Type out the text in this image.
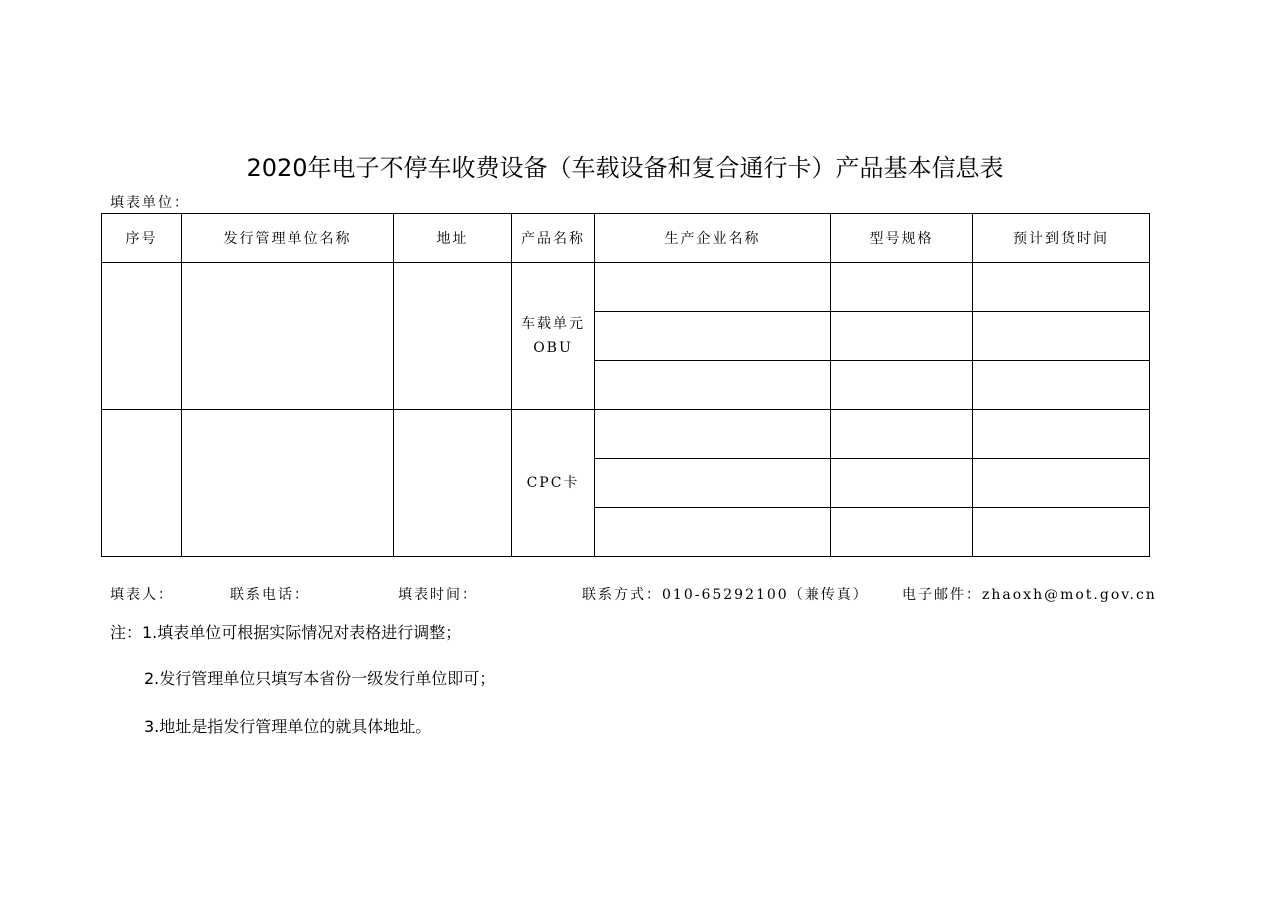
2020年电子不停车收费设备（车载设备和复合通行卡）产品基本信息表
填表单位：
序号	发行管理单位名称	地址	产品名称	生产企业名称	型号规格	预计到货时间

			车载单元
OBU			

			CPC卡			

填表人：	联系电话：	填表时间：	联系方式：010-65292100（兼传真） 电子邮件：zhaoxh@mot.gov.cn
注：1.填表单位可根据实际情况对表格进行调整；
2.发行管理单位只填写本省份一级发行单位即可；
3.地址是指发行管理单位的就具体地址。
